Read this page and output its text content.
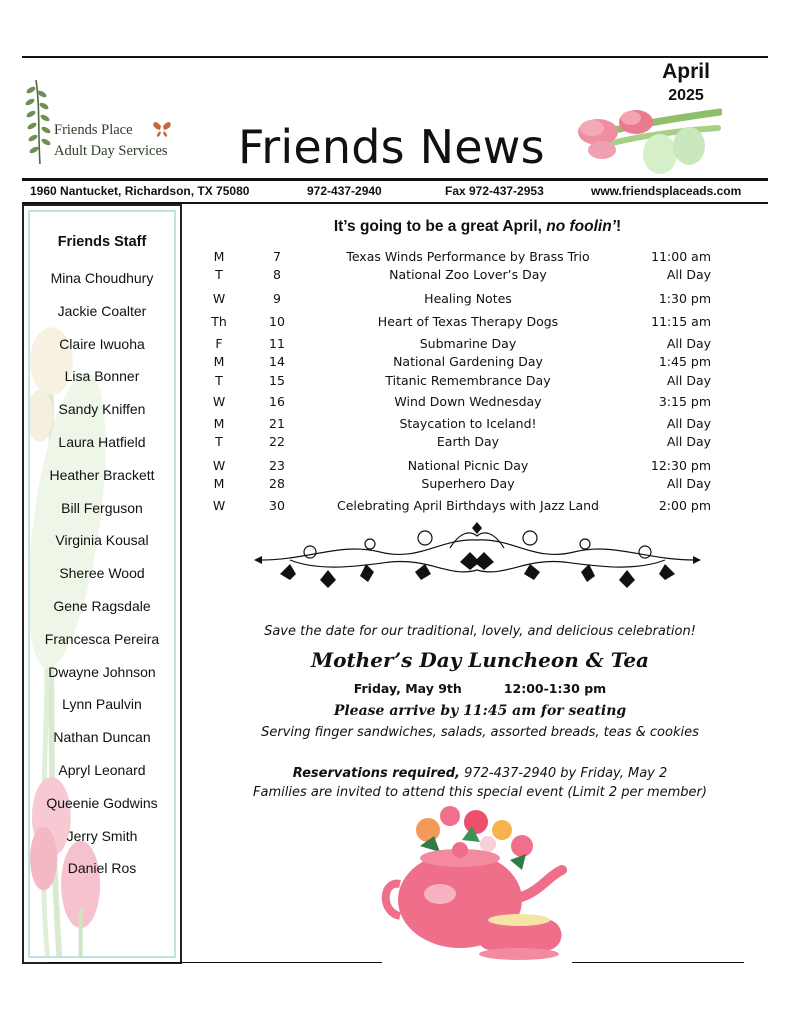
Friends Place
Adult Day Services Friends News
April
2025
1960 Nantucket, Richardson, TX 75080	972-437-2940	Fax 972-437-2953	www.friendsplaceads.com
Friends Staff
Mina Choudhury
Jackie Coalter
Claire Iwuoha
Lisa Bonner
Sandy Kniffen
Laura Hatfield
Heather Brackett
Bill Ferguson
Virginia Kousal
Sheree Wood
Gene Ragsdale
Francesca Pereira
Dwayne Johnson
Lynn Paulvin
Nathan Duncan
Apryl Leonard
Queenie Godwins
Jerry Smith
Daniel Ros
It’s going to be a great April, no foolin’!
M	7	Texas Winds Performance by Brass Trio	11:00 am
T	8	National Zoo Lover’s Day	All Day
W	9	Healing Notes	1:30 pm
Th	10	Heart of Texas Therapy Dogs	11:15 am
F	11	Submarine Day	All Day
M	14	National Gardening Day	1:45 pm
T	15	Titanic Remembrance Day	All Day
W	16	Wind Down Wednesday	3:15 pm
M	21	Staycation to Iceland!	All Day
T	22	Earth Day	All Day
W	23	National Picnic Day	12:30 pm
M	28	Superhero Day	All Day
W	30	Celebrating April Birthdays with Jazz Land	2:00 pm
Save the date for our traditional, lovely, and delicious celebration!
Mother’s Day Luncheon & Tea
Friday, May 9th	12:00-1:30 pm
Please arrive by 11:45 am for seating
Serving finger sandwiches, salads, assorted breads, teas & cookies
Reservations required, 972-437-2940 by Friday, May 2
Families are invited to attend this special event (Limit 2 per member)
